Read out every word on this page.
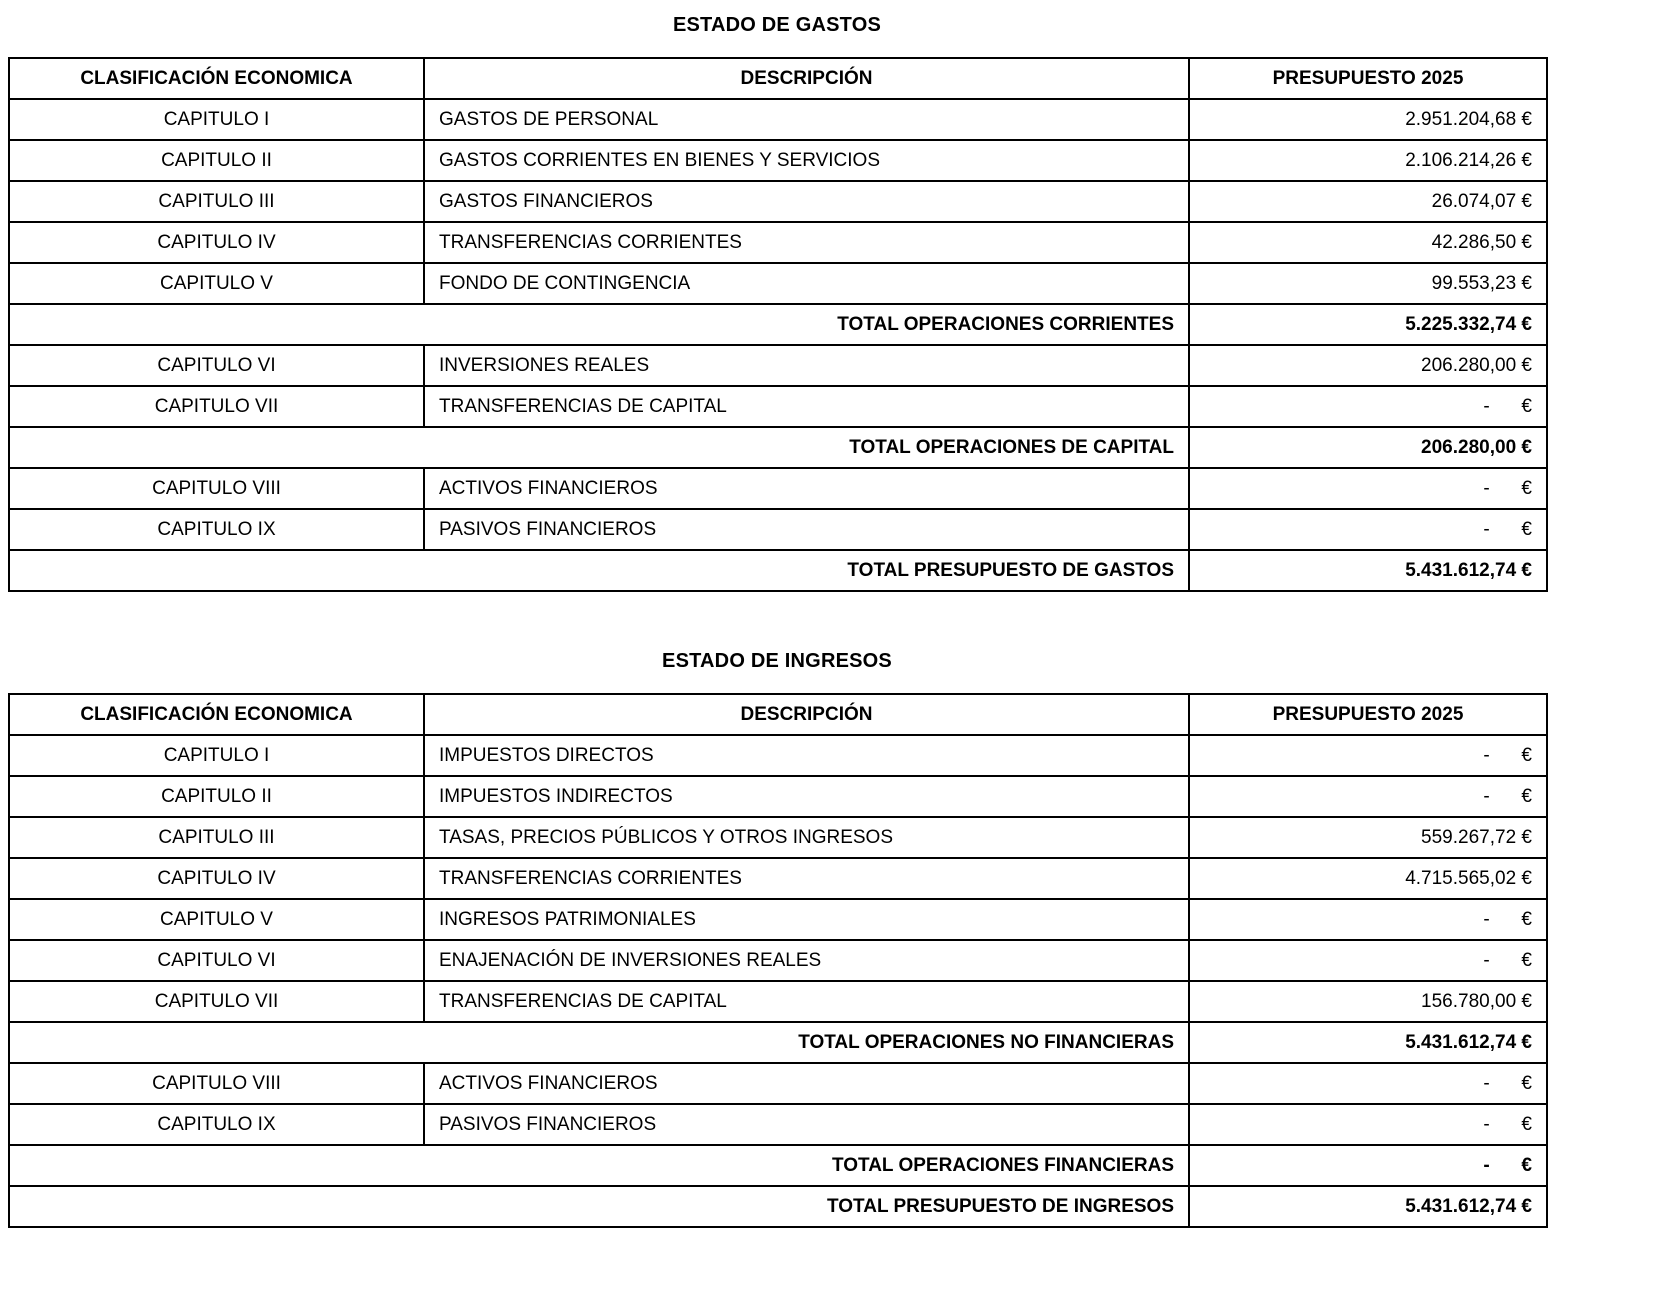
ESTADO DE GASTOS
CLASIFICACIÓN ECONOMICA	DESCRIPCIÓN	PRESUPUESTO 2025
CAPITULO I	GASTOS DE PERSONAL	2.951.204,68 €
CAPITULO II	GASTOS CORRIENTES EN BIENES Y SERVICIOS	2.106.214,26 €
CAPITULO III	GASTOS FINANCIEROS	26.074,07 €
CAPITULO IV	TRANSFERENCIAS CORRIENTES	42.286,50 €
CAPITULO V	FONDO DE CONTINGENCIA	99.553,23 €
TOTAL OPERACIONES CORRIENTES		5.225.332,74 €
CAPITULO VI	INVERSIONES REALES	206.280,00 €
CAPITULO VII	TRANSFERENCIAS DE CAPITAL	-      €
TOTAL OPERACIONES DE CAPITAL		206.280,00 €
CAPITULO VIII	ACTIVOS FINANCIEROS	-      €
CAPITULO IX	PASIVOS FINANCIEROS	-      €
TOTAL PRESUPUESTO DE GASTOS		5.431.612,74 €
ESTADO DE INGRESOS
CLASIFICACIÓN ECONOMICA	DESCRIPCIÓN	PRESUPUESTO 2025
CAPITULO I	IMPUESTOS DIRECTOS	-      €
CAPITULO II	IMPUESTOS INDIRECTOS	-      €
CAPITULO III	TASAS, PRECIOS PÚBLICOS Y OTROS INGRESOS	559.267,72 €
CAPITULO IV	TRANSFERENCIAS CORRIENTES	4.715.565,02 €
CAPITULO V	INGRESOS PATRIMONIALES	-      €
CAPITULO VI	ENAJENACIÓN DE INVERSIONES REALES	-      €
CAPITULO VII	TRANSFERENCIAS DE CAPITAL	156.780,00 €
TOTAL OPERACIONES NO FINANCIERAS		5.431.612,74 €
CAPITULO VIII	ACTIVOS FINANCIEROS	-      €
CAPITULO IX	PASIVOS FINANCIEROS	-      €
TOTAL OPERACIONES FINANCIERAS		-      €
TOTAL PRESUPUESTO DE INGRESOS		5.431.612,74 €
